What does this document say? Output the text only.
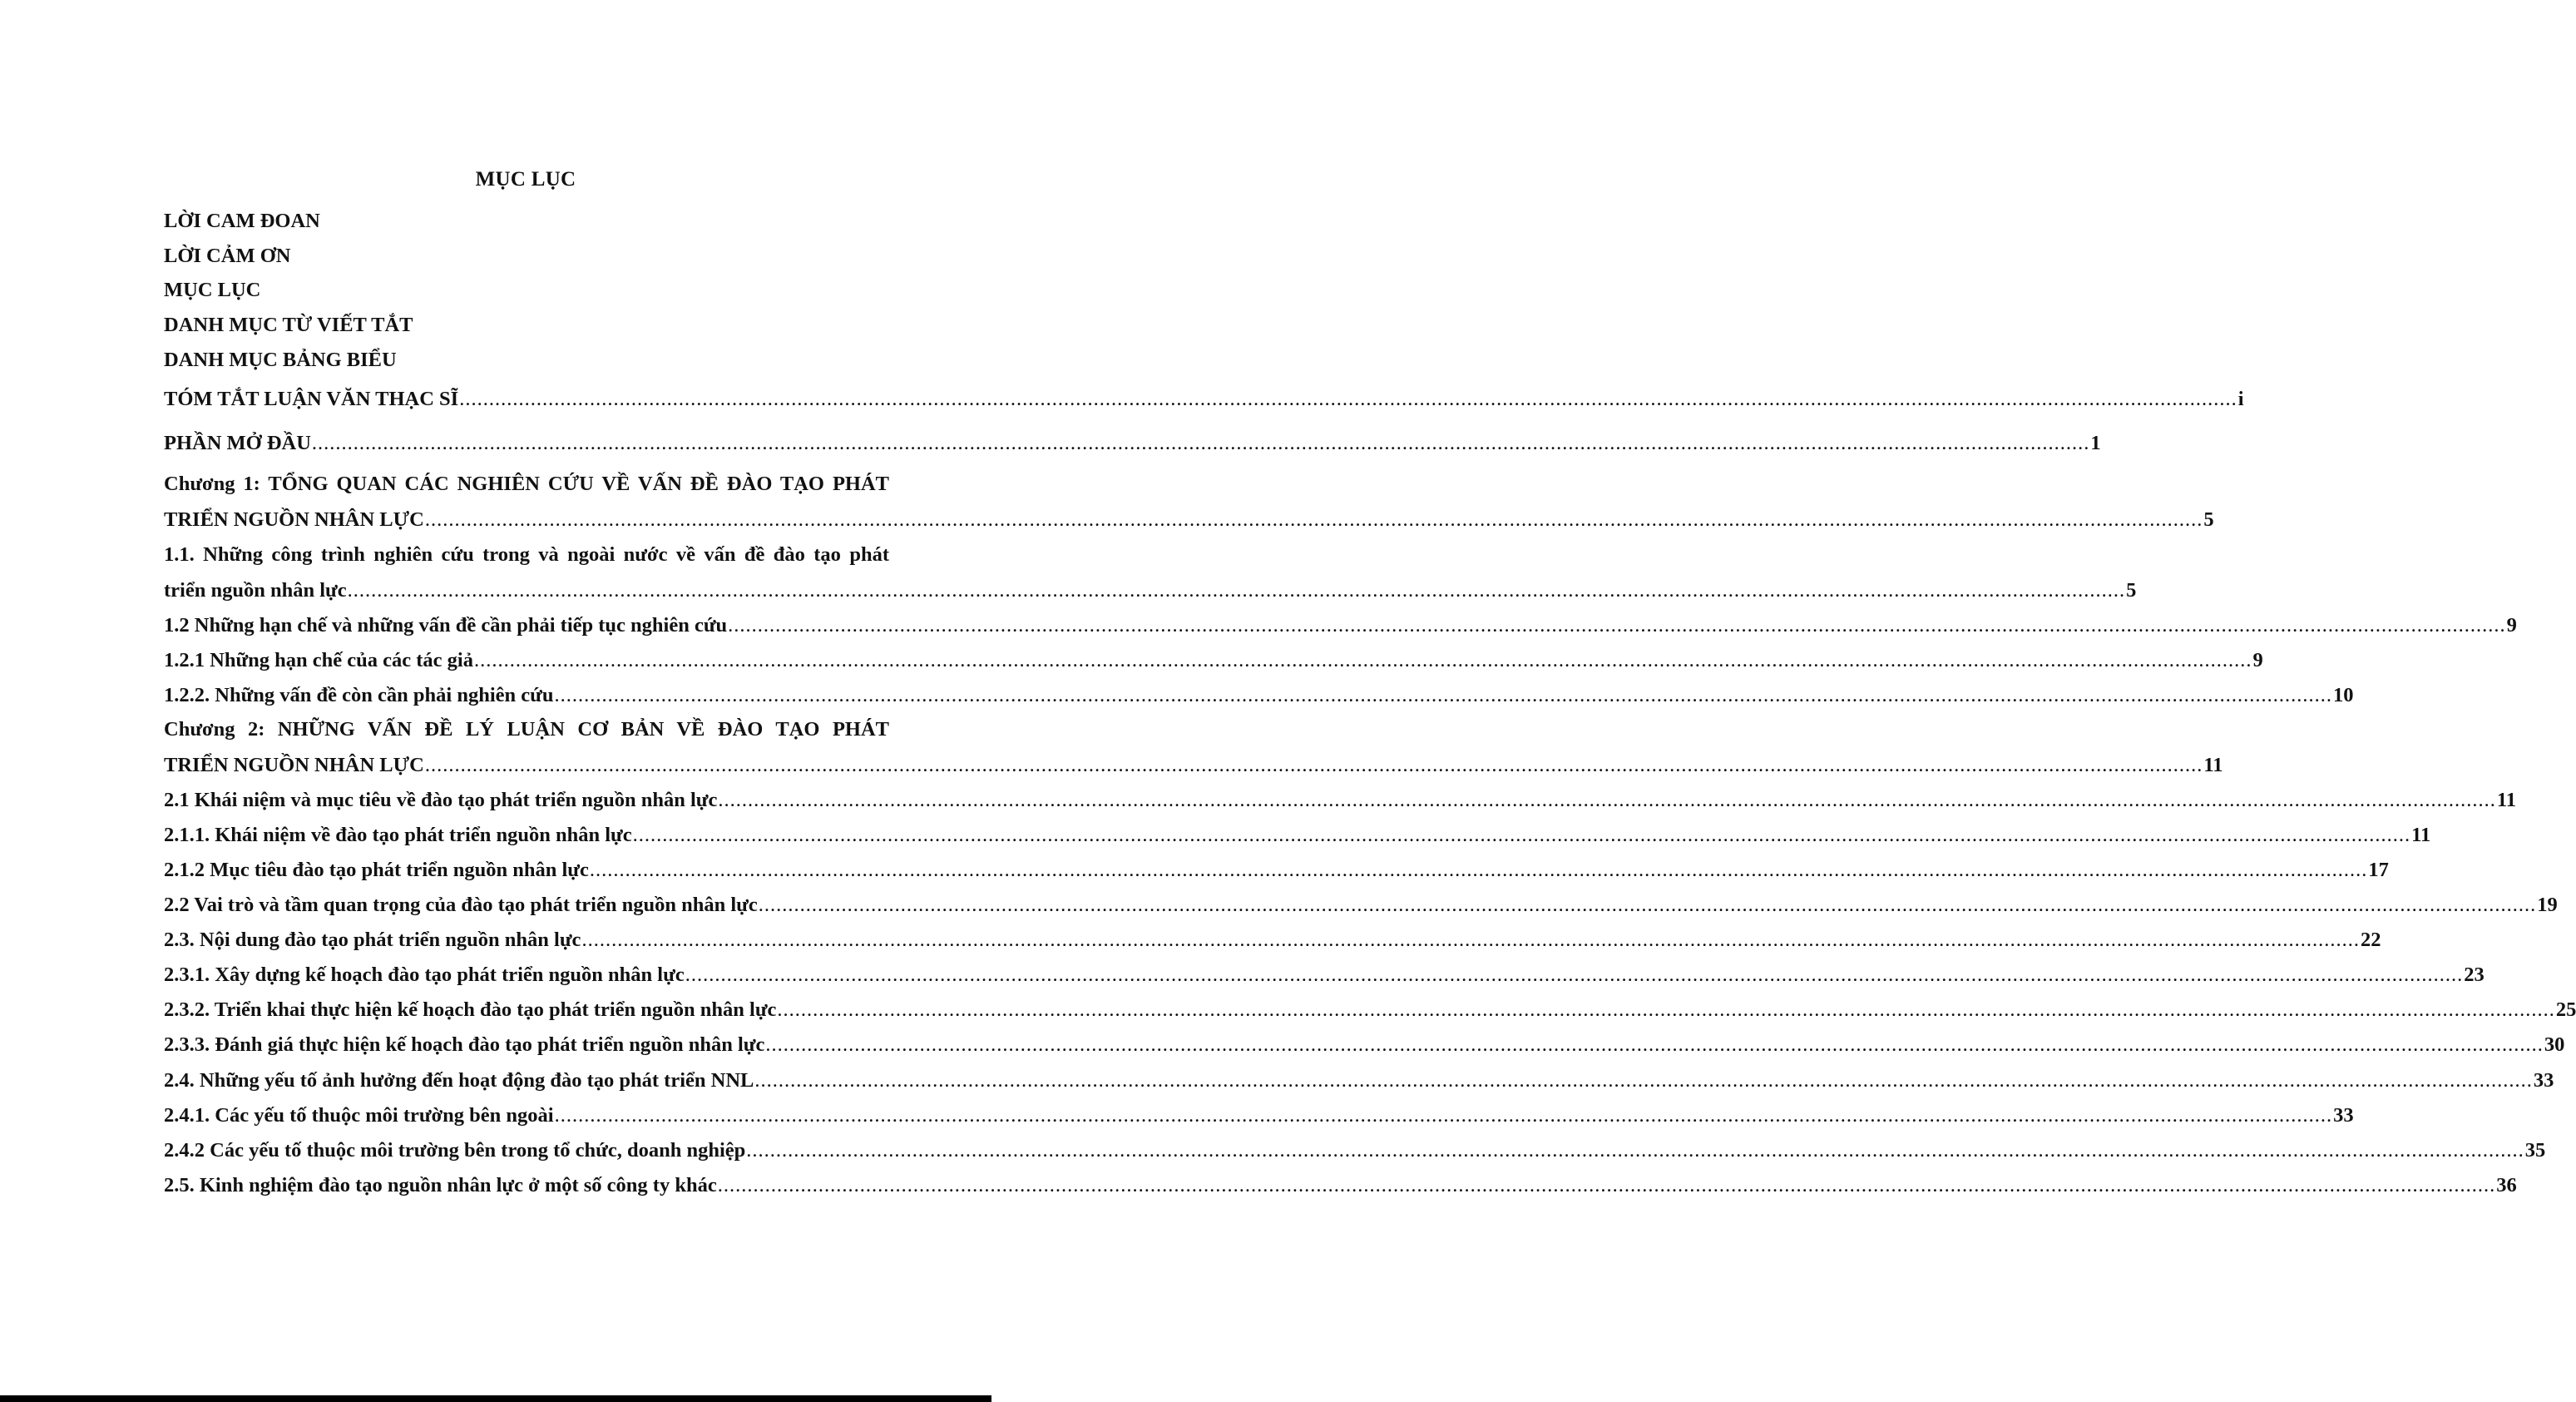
MỤC LỤC
LỜI CAM ĐOAN
LỜI CẢM ƠN
MỤC LỤC
DANH MỤC TỪ VIẾT TẮT
DANH MỤC BẢNG BIỂU
TÓM TẮT LUẬN VĂN THẠC SĨ ............................................................................................................................................................................................................................................................................................................ i
PHẦN MỞ ĐẦU ............................................................................................................................................................................................................................................................................................................ 1
Chương 1: TỔNG QUAN CÁC NGHIÊN CỨU VỀ VẤN ĐỀ ĐÀO TẠO PHÁT
TRIỂN NGUỒN NHÂN LỰC ............................................................................................................................................................................................................................................................................................................ 5
1.1. Những công trình nghiên cứu trong và ngoài nước về vấn đề đào tạo phát
triển nguồn nhân lực ............................................................................................................................................................................................................................................................................................................ 5
1.2 Những hạn chế và những vấn đề cần phải tiếp tục nghiên cứu ............................................................................................................................................................................................................................................................................................................ 9
1.2.1 Những hạn chế của các tác giả ............................................................................................................................................................................................................................................................................................................ 9
1.2.2. Những vấn đề còn cần phải nghiên cứu ............................................................................................................................................................................................................................................................................................................ 10
Chương 2: NHỮNG VẤN ĐỀ LÝ LUẬN CƠ BẢN VỀ ĐÀO TẠO PHÁT
TRIỂN NGUỒN NHÂN LỰC ............................................................................................................................................................................................................................................................................................................ 11
2.1 Khái niệm và mục tiêu về đào tạo phát triển nguồn nhân lực ............................................................................................................................................................................................................................................................................................................ 11
2.1.1. Khái niệm về đào tạo phát triển nguồn nhân lực ............................................................................................................................................................................................................................................................................................................ 11
2.1.2 Mục tiêu đào tạo phát triển nguồn nhân lực ............................................................................................................................................................................................................................................................................................................ 17
2.2 Vai trò và tầm quan trọng của đào tạo phát triển nguồn nhân lực ............................................................................................................................................................................................................................................................................................................ 19
2.3. Nội dung đào tạo phát triển nguồn nhân lực ............................................................................................................................................................................................................................................................................................................ 22
2.3.1. Xây dựng kế hoạch đào tạo phát triển nguồn nhân lực ............................................................................................................................................................................................................................................................................................................ 23
2.3.2. Triển khai thực hiện kế hoạch đào tạo phát triển nguồn nhân lực ............................................................................................................................................................................................................................................................................................................ 25
2.3.3. Đánh giá thực hiện kế hoạch đào tạo phát triển nguồn nhân lực ............................................................................................................................................................................................................................................................................................................ 30
2.4. Những yếu tố ảnh hưởng đến hoạt động đào tạo phát triển NNL ............................................................................................................................................................................................................................................................................................................ 33
2.4.1. Các yếu tố thuộc môi trường bên ngoài ............................................................................................................................................................................................................................................................................................................ 33
2.4.2 Các yếu tố thuộc môi trường bên trong tổ chức, doanh nghiệp ............................................................................................................................................................................................................................................................................................................ 35
2.5. Kinh nghiệm đào tạo nguồn nhân lực ở một số công ty khác ............................................................................................................................................................................................................................................................................................................ 36
